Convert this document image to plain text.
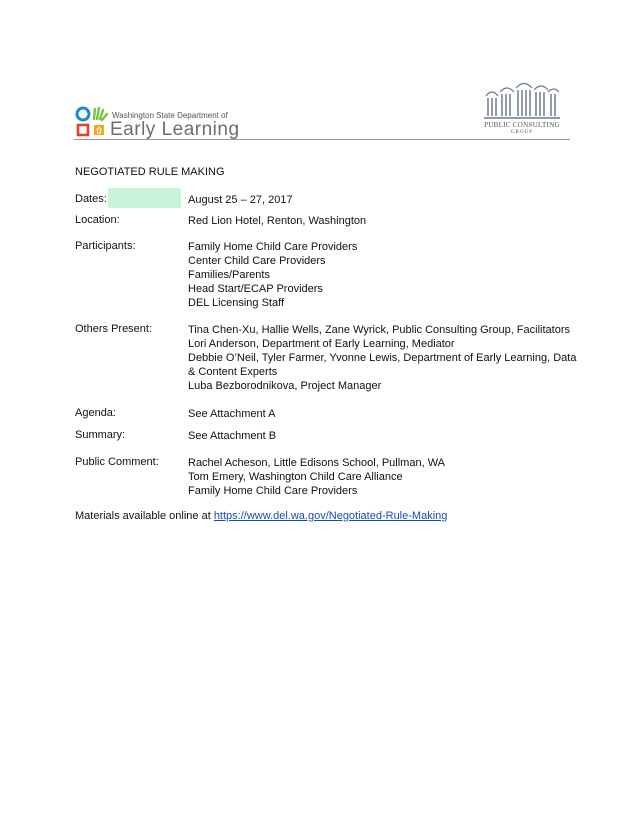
Washington State Department of
Early Learning	PUBLIC CONSULTING
GROUP
NEGOTIATED RULE MAKING
Dates:	August 25 – 27, 2017
Location:	Red Lion Hotel, Renton, Washington
Participants:	Family Home Child Care Providers
Center Child Care Providers
Families/Parents
Head Start/ECAP Providers
DEL Licensing Staff
Others Present:	Tina Chen-Xu, Hallie Wells, Zane Wyrick, Public Consulting Group, Facilitators
Lori Anderson, Department of Early Learning, Mediator
Debbie O’Neil, Tyler Farmer, Yvonne Lewis, Department of Early Learning, Data
& Content Experts
Luba Bezborodnikova, Project Manager
Agenda:	See Attachment A
Summary:	See Attachment B
Public Comment:	Rachel Acheson, Little Edisons School, Pullman, WA
Tom Emery, Washington Child Care Alliance
Family Home Child Care Providers
Materials available online at https://www.del.wa.gov/Negotiated-Rule-Making
